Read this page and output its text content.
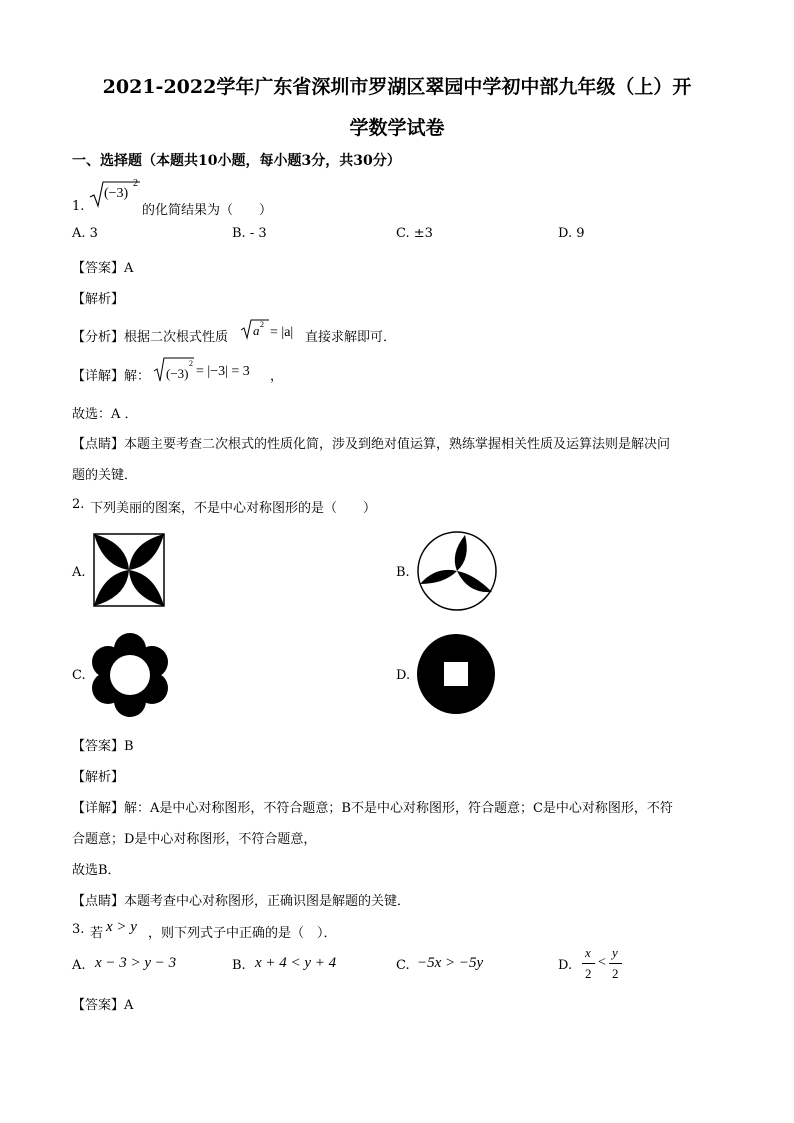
2021-2022学年广东省深圳市罗湖区翠园中学初中部九年级（上）开
学数学试卷
一、选择题（本题共10小题，每小题3分，共30分）
1.
(−3)
2
的化简结果为（　　）
A. 3	B. - 3	C. ±3	D. 9
【答案】A
【解析】
【分析】根据二次根式性质 a 2
= |a| 直接求解即可．
【详解】解： (−3)
2
= |−3| = 3 ，
故选：A ．
【点睛】本题主要考查二次根式的性质化简，涉及到绝对值运算，熟练掌握相关性质及运算法则是解决问
题的关键．
2. 下列美丽的图案，不是中心对称图形的是（　　）
A.	B.
C.	D.
【答案】B
【解析】
【详解】解：A是中心对称图形，不符合题意；B不是中心对称图形，符合题意；C是中心对称图形，不符
合题意；D是中心对称图形，不符合题意，
故选B．
【点睛】本题考查中心对称图形，正确识图是解题的关键．
3. 若 x > y ，则下列式子中正确的是（　）．
A. x − 3 > y − 3	B. x + 4 < y + 4	C. −5x > −5y	D.
x
2
<
y
2
【答案】A
